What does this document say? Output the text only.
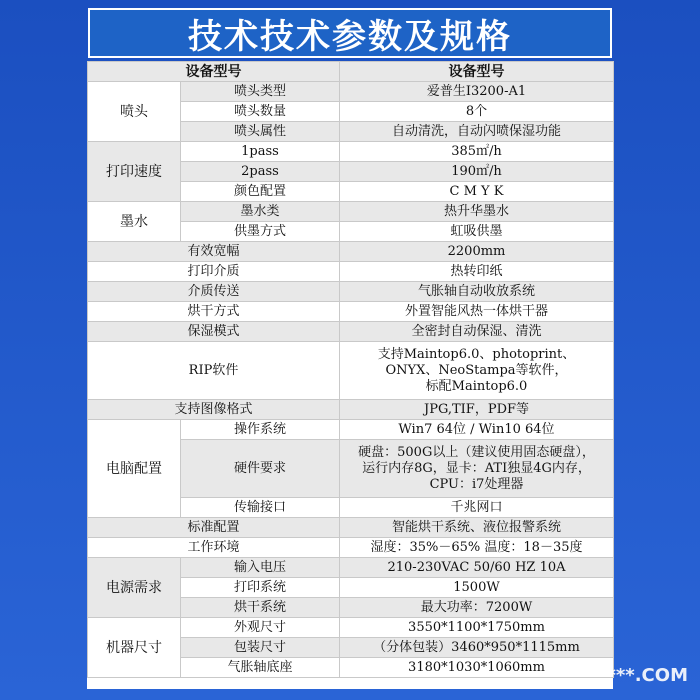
技术技术参数及规格
设备型号		设备型号
喷头	喷头类型	爱普生I3200-A1
	喷头数量	8个
	喷头属性	自动清洗，自动闪喷保湿功能
打印速度	1pass	385㎡/h
	2pass	190㎡/h
	颜色配置	C M Y K
墨水	墨水类	热升华墨水
	供墨方式	虹吸供墨
有效宽幅		2200mm
打印介质		热转印纸
介质传送		气胀轴自动收放系统
烘干方式		外置智能风热一体烘干器
保湿模式		全密封自动保湿、清洗
RIP软件		支持Maintop6.0、photoprint、
ONYX、NeoStampa等软件，
标配Maintop6.0

支持图像格式		JPG,TIF，PDF等
电脑配置	操作系统	Win7 64位 / Win10 64位
	硬件要求	硬盘：500G以上（建议使用固态硬盘），
运行内存8G，显卡：ATI独显4G内存，
CPU：i7处理器

	传输接口	千兆网口
标准配置		智能烘干系统、液位报警系统
工作环境		湿度：35%－65% 温度：18－35度
电源需求	输入电压	210-230VAC 50/60 HZ 10A
	打印系统	1500W
	烘干系统	最大功率：7200W
机器尺寸	外观尺寸	3550*1100*1750mm
	包装尺寸	（分体包装）3460*950*1115mm
	气胀轴底座	3180*1030*1060mm	***.COM
